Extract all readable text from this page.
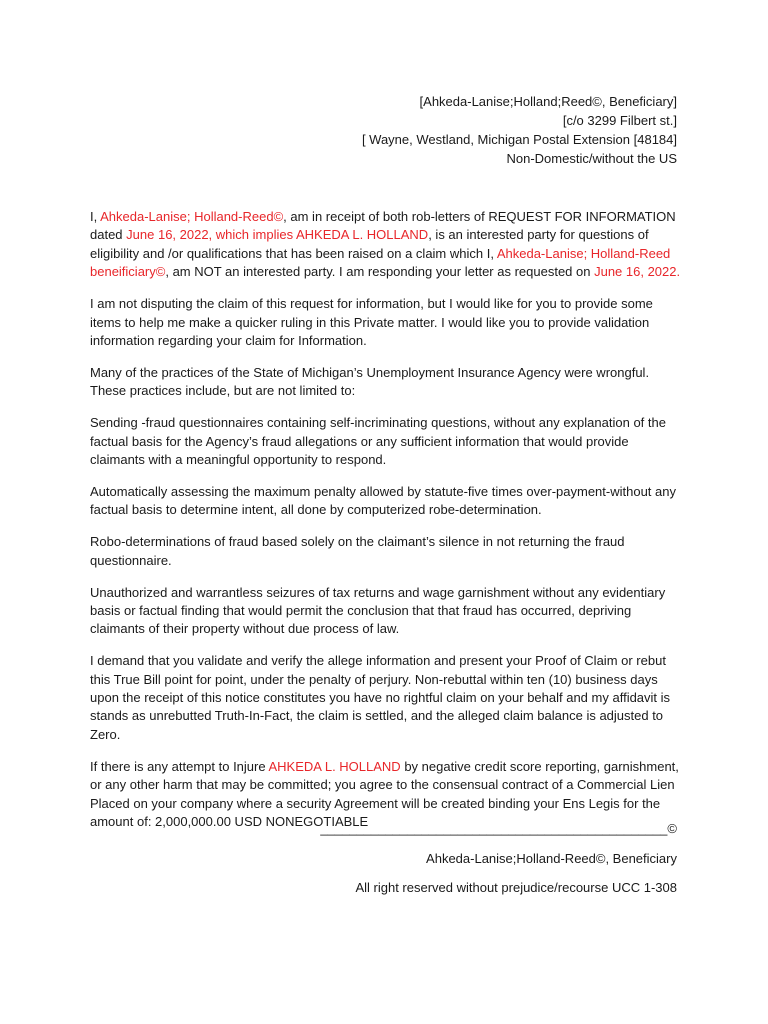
[Ahkeda-Lanise;Holland;Reed©, Beneficiary]
[c/o 3299 Filbert st.]
[ Wayne, Westland, Michigan Postal Extension [48184]
Non-Domestic/without the US

I, Ahkeda-Lanise; Holland-Reed©, am in receipt of both rob-letters of REQUEST FOR INFORMATION dated June 16, 2022, which implies AHKEDA L. HOLLAND, is an interested party for questions of eligibility and /or qualifications that has been raised on a claim which I, Ahkeda-Lanise; Holland-Reed beneificiary©, am NOT an interested party. I am responding your letter as requested on June 16, 2022.

I am not disputing the claim of this request for information, but I would like for you to provide some items to help me make a quicker ruling in this Private matter. I would like you to provide validation information regarding your claim for Information.

Many of the practices of the State of Michigan’s Unemployment Insurance Agency were wrongful. These practices include, but are not limited to:

Sending -fraud questionnaires containing self-incriminating questions, without any explanation of the factual basis for the Agency’s fraud allegations or any sufficient information that would provide claimants with a meaningful opportunity to respond.

Automatically assessing the maximum penalty allowed by statute-five times over-payment-without any factual basis to determine intent, all done by computerized robe-determination.

Robo-determinations of fraud based solely on the claimant’s silence in not returning the fraud questionnaire.

Unauthorized and warrantless seizures of tax returns and wage garnishment without any evidentiary basis or factual finding that would permit the conclusion that that fraud has occurred, depriving claimants of their property without due process of law.

I demand that you validate and verify the allege information and present your Proof of Claim or rebut this True Bill point for point, under the penalty of perjury. Non-rebuttal within ten (10) business days upon the receipt of this notice constitutes you have no rightful claim on your behalf and my affidavit is stands as unrebutted Truth-In-Fact, the claim is settled, and the alleged claim balance is adjusted to Zero.

If there is any attempt to Injure AHKEDA L. HOLLAND by negative credit score reporting, garnishment, or any other harm that may be committed; you agree to the consensual contract of a Commercial Lien Placed on your company where a security Agreement will be created binding your Ens Legis for the amount of: 2,000,000.00 USD NONEGOTIABLE

________________________________________________©
Ahkeda-Lanise;Holland-Reed©, Beneficiary
All right reserved without prejudice/recourse UCC 1-308
